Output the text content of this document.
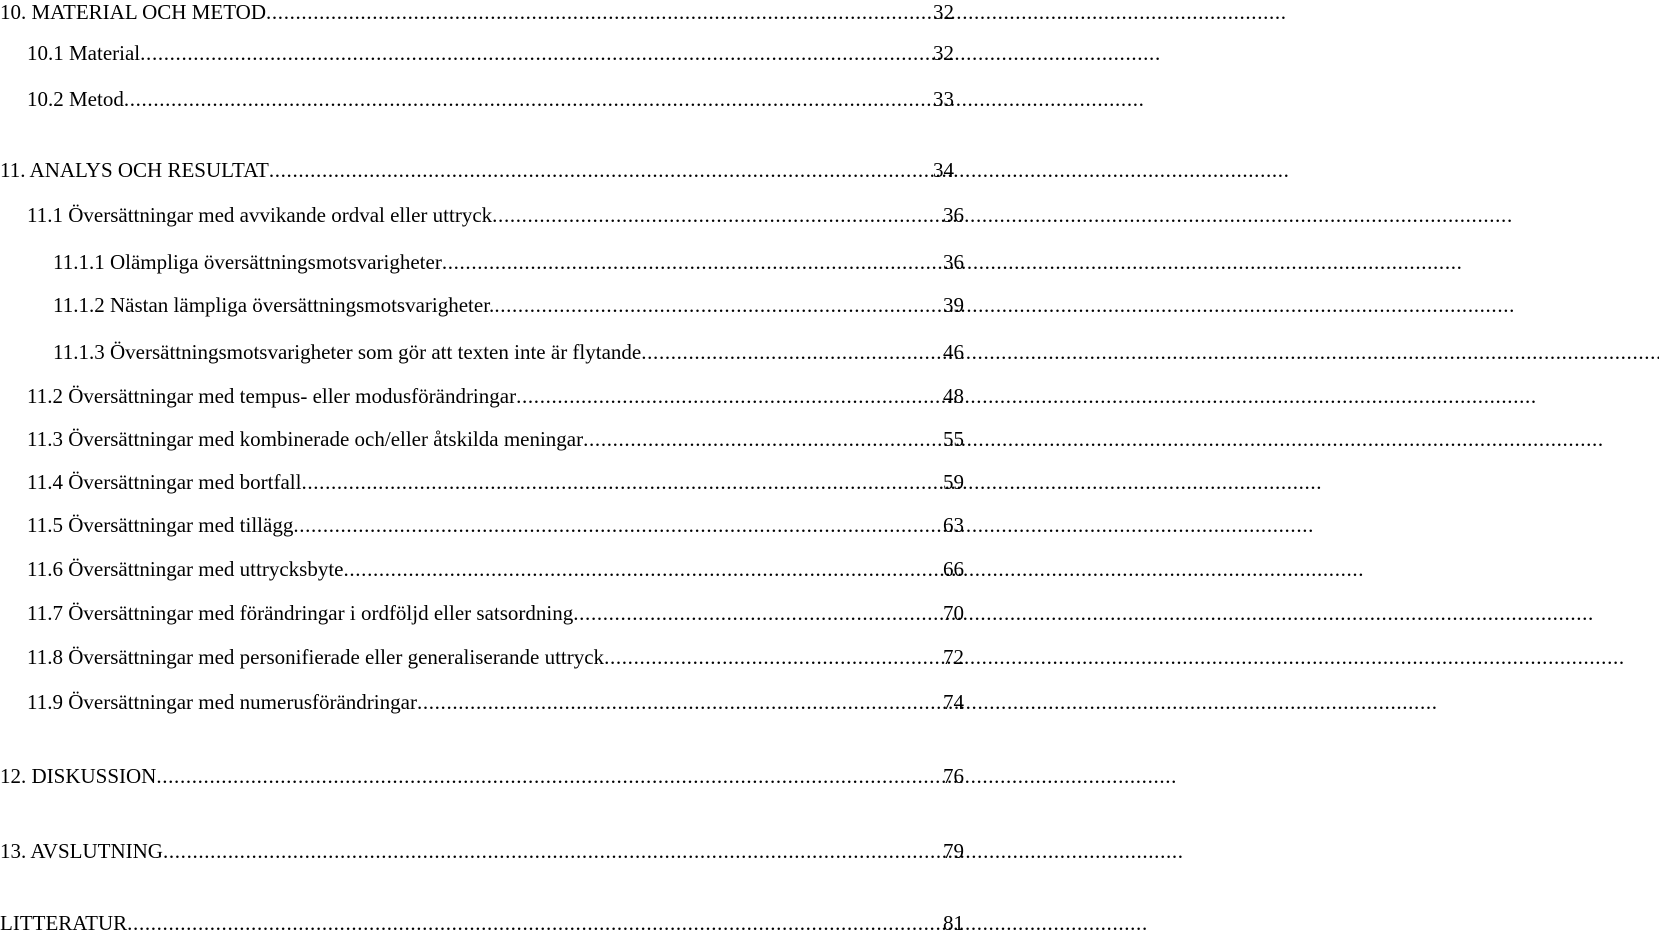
10. MATERIAL OCH METOD . . .	32
10.1 Material . . .	32
10.2 Metod . . .	33
11. ANALYS OCH RESULTAT . . .	34
11.1 Översättningar med avvikande ordval eller uttryck . . .	36
11.1.1 Olämpliga översättningsmotsvarigheter . . .	36
11.1.2 Nästan lämpliga översättningsmotsvarigheter. . . .	39
11.1.3 Översättningsmotsvarigheter som gör att texten inte är flytande . . .	46
11.2 Översättningar med tempus- eller modusförändringar . . .	48
11.3 Översättningar med kombinerade och/eller åtskilda meningar . . .	55
11.4 Översättningar med bortfall . . .	59
11.5 Översättningar med tillägg . . .	63
11.6 Översättningar med uttrycksbyte . . .	66
11.7 Översättningar med förändringar i ordföljd eller satsordning . . .	70
11.8 Översättningar med personifierade eller generaliserande uttryck . . .	72
11.9 Översättningar med numerusförändringar . . .	74
12. DISKUSSION . . .	76
13. AVSLUTNING . . .	79
LITTERATUR . . .	81
